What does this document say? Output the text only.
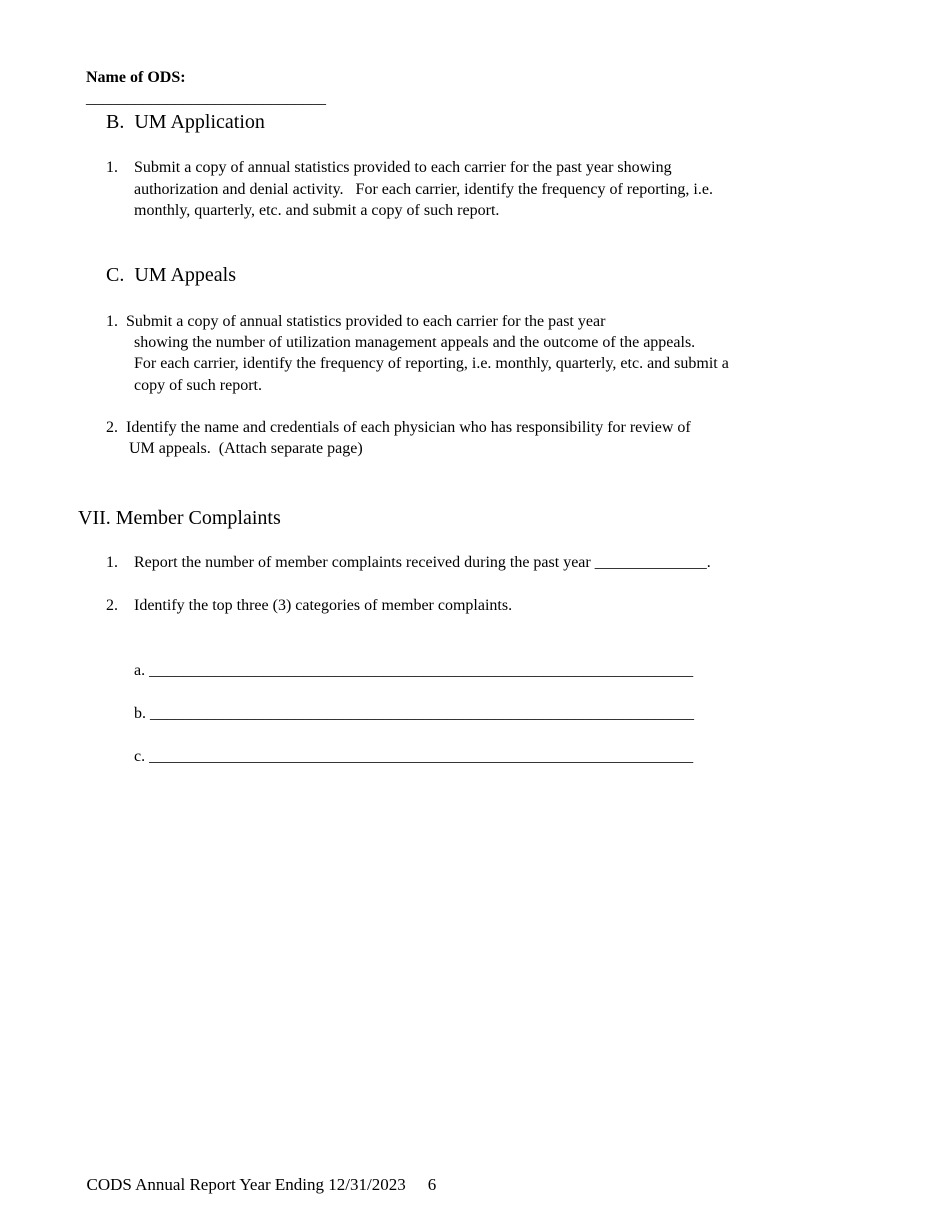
Name of ODS:
______________________________

B.  UM Application
1. Submit a copy of annual statistics provided to each carrier for the past year showing
authorization and denial activity.   For each carrier, identify the frequency of reporting, i.e.
monthly, quarterly, etc. and submit a copy of such report.
C.  UM Appeals
1.  Submit a copy of annual statistics provided to each carrier for the past year
showing the number of utilization management appeals and the outcome of the appeals.
For each carrier, identify the frequency of reporting, i.e. monthly, quarterly, etc. and submit a
copy of such report.
2.  Identify the name and credentials of each physician who has responsibility for review of
UM appeals.  (Attach separate page)
VII. Member Complaints
1. Report the number of member complaints received during the past year ______________.
2. Identify the top three (3) categories of member complaints.
a. ____________________________________________________________________
b. ____________________________________________________________________
c. ____________________________________________________________________

CODS Annual Report Year Ending 12/31/2023 6
